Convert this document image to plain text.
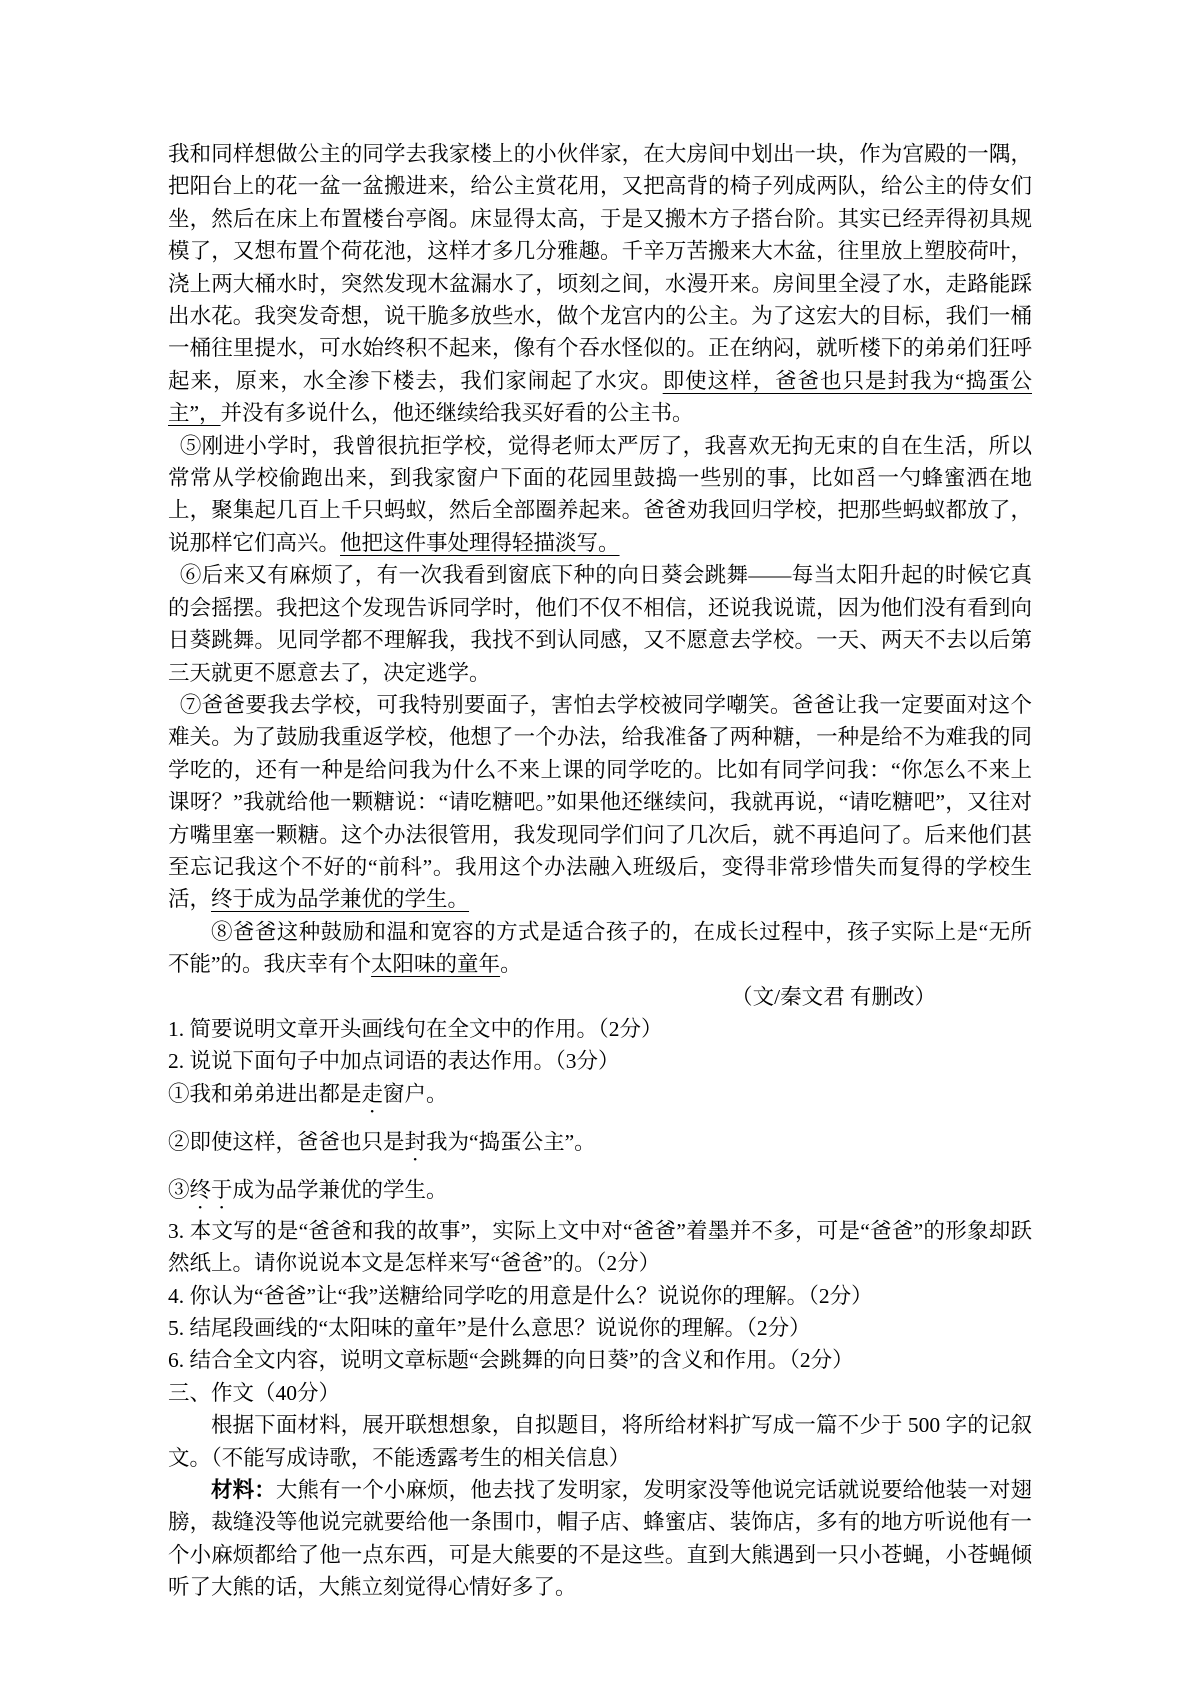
我和同样想做公主的同学去我家楼上的小伙伴家，在大房间中划出一块，作为宫殿的一隅，把阳台上的花一盆一盆搬进来，给公主赏花用，又把高背的椅子列成两队，给公主的侍女们坐，然后在床上布置楼台亭阁。床显得太高，于是又搬木方子搭台阶。其实已经弄得初具规模了，又想布置个荷花池，这样才多几分雅趣。千辛万苦搬来大木盆，往里放上塑胶荷叶，浇上两大桶水时，突然发现木盆漏水了，顷刻之间，水漫开来。房间里全浸了水，走路能踩出水花。我突发奇想，说干脆多放些水，做个龙宫内的公主。为了这宏大的目标，我们一桶一桶往里提水，可水始终积不起来，像有个吞水怪似的。正在纳闷，就听楼下的弟弟们狂呼起来，原来，水全渗下楼去，我们家闹起了水灾。即使这样，爸爸也只是封我为“捣蛋公主”，并没有多说什么，他还继续给我买好看的公主书。

⑤刚进小学时，我曾很抗拒学校，觉得老师太严厉了，我喜欢无拘无束的自在生活，所以常常从学校偷跑出来，到我家窗户下面的花园里鼓捣一些别的事，比如舀一勺蜂蜜洒在地上，聚集起几百上千只蚂蚁，然后全部圈养起来。爸爸劝我回归学校，把那些蚂蚁都放了，说那样它们高兴。他把这件事处理得轻描淡写。

⑥后来又有麻烦了，有一次我看到窗底下种的向日葵会跳舞——每当太阳升起的时候它真的会摇摆。我把这个发现告诉同学时，他们不仅不相信，还说我说谎，因为他们没有看到向日葵跳舞。见同学都不理解我，我找不到认同感，又不愿意去学校。一天、两天不去以后第三天就更不愿意去了，决定逃学。

⑦爸爸要我去学校，可我特别要面子，害怕去学校被同学嘲笑。爸爸让我一定要面对这个难关。为了鼓励我重返学校，他想了一个办法，给我准备了两种糖，一种是给不为难我的同学吃的，还有一种是给问我为什么不来上课的同学吃的。比如有同学问我：“你怎么不来上课呀？”我就给他一颗糖说：“请吃糖吧。”如果他还继续问，我就再说，“请吃糖吧”，又往对方嘴里塞一颗糖。这个办法很管用，我发现同学们问了几次后，就不再追问了。后来他们甚至忘记我这个不好的“前科”。我用这个办法融入班级后，变得非常珍惜失而复得的学校生活，终于成为品学兼优的学生。

⑧爸爸这种鼓励和温和宽容的方式是适合孩子的，在成长过程中，孩子实际上是“无所不能”的。我庆幸有个太阳味的童年。

（文/秦文君 有删改）

1. 简要说明文章开头画线句在全文中的作用。（2分）

2. 说说下面句子中加点词语的表达作用。（3分）

①我和弟弟进出都是走窗户。

②即使这样，爸爸也只是封我为“捣蛋公主”。

③终于成为品学兼优的学生。

3. 本文写的是“爸爸和我的故事”，实际上文中对“爸爸”着墨并不多，可是“爸爸”的形象却跃然纸上。请你说说本文是怎样来写“爸爸”的。（2分）

4. 你认为“爸爸”让“我”送糖给同学吃的用意是什么？说说你的理解。（2分）

5. 结尾段画线的“太阳味的童年”是什么意思？说说你的理解。（2分）

6. 结合全文内容，说明文章标题“会跳舞的向日葵”的含义和作用。（2分）

三、作文（40分）

根据下面材料，展开联想想象，自拟题目，将所给材料扩写成一篇不少于 500 字的记叙文。（不能写成诗歌，不能透露考生的相关信息）

材料：大熊有一个小麻烦，他去找了发明家，发明家没等他说完话就说要给他装一对翅膀，裁缝没等他说完就要给他一条围巾，帽子店、蜂蜜店、装饰店，多有的地方听说他有一个小麻烦都给了他一点东西，可是大熊要的不是这些。直到大熊遇到一只小苍蝇，小苍蝇倾听了大熊的话，大熊立刻觉得心情好多了。
